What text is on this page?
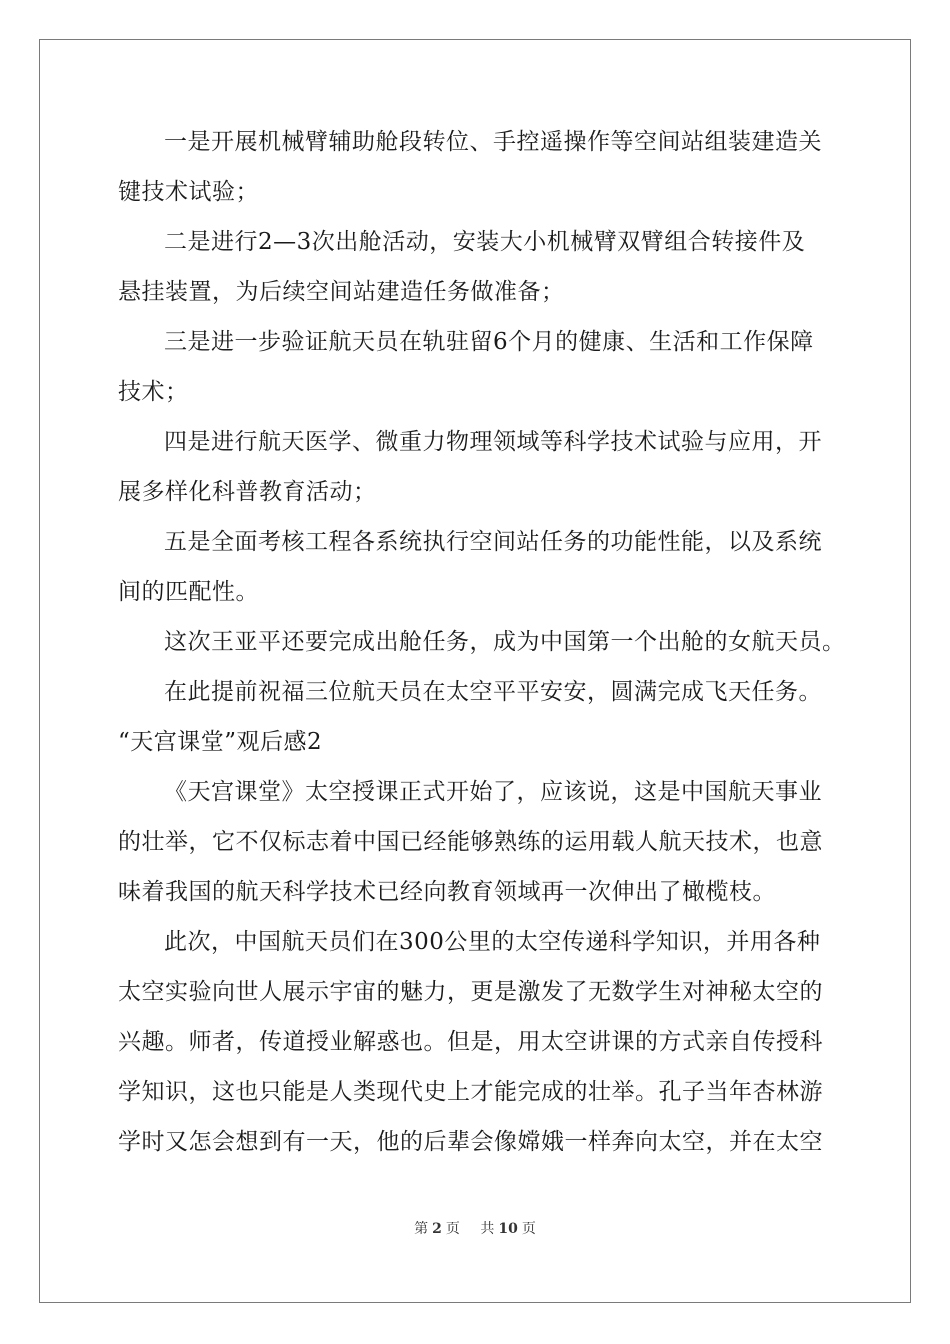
一是开展机械臂辅助舱段转位、手控遥操作等空间站组装建造关
键技术试验；
二是进行2—3次出舱活动，安装大小机械臂双臂组合转接件及
悬挂装置，为后续空间站建造任务做准备；
三是进一步验证航天员在轨驻留6个月的健康、生活和工作保障
技术；
四是进行航天医学、微重力物理领域等科学技术试验与应用，开
展多样化科普教育活动；
五是全面考核工程各系统执行空间站任务的功能性能，以及系统
间的匹配性。
这次王亚平还要完成出舱任务，成为中国第一个出舱的女航天员。
在此提前祝福三位航天员在太空平平安安，圆满完成飞天任务。
“天宫课堂”观后感2
《天宫课堂》太空授课正式开始了，应该说，这是中国航天事业
的壮举，它不仅标志着中国已经能够熟练的运用载人航天技术，也意
味着我国的航天科学技术已经向教育领域再一次伸出了橄榄枝。
此次，中国航天员们在300公里的太空传递科学知识，并用各种
太空实验向世人展示宇宙的魅力，更是激发了无数学生对神秘太空的
兴趣。师者，传道授业解惑也。但是，用太空讲课的方式亲自传授科
学知识，这也只能是人类现代史上才能完成的壮举。孔子当年杏林游
学时又怎会想到有一天，他的后辈会像嫦娥一样奔向太空，并在太空
第 2 页 共 10 页
